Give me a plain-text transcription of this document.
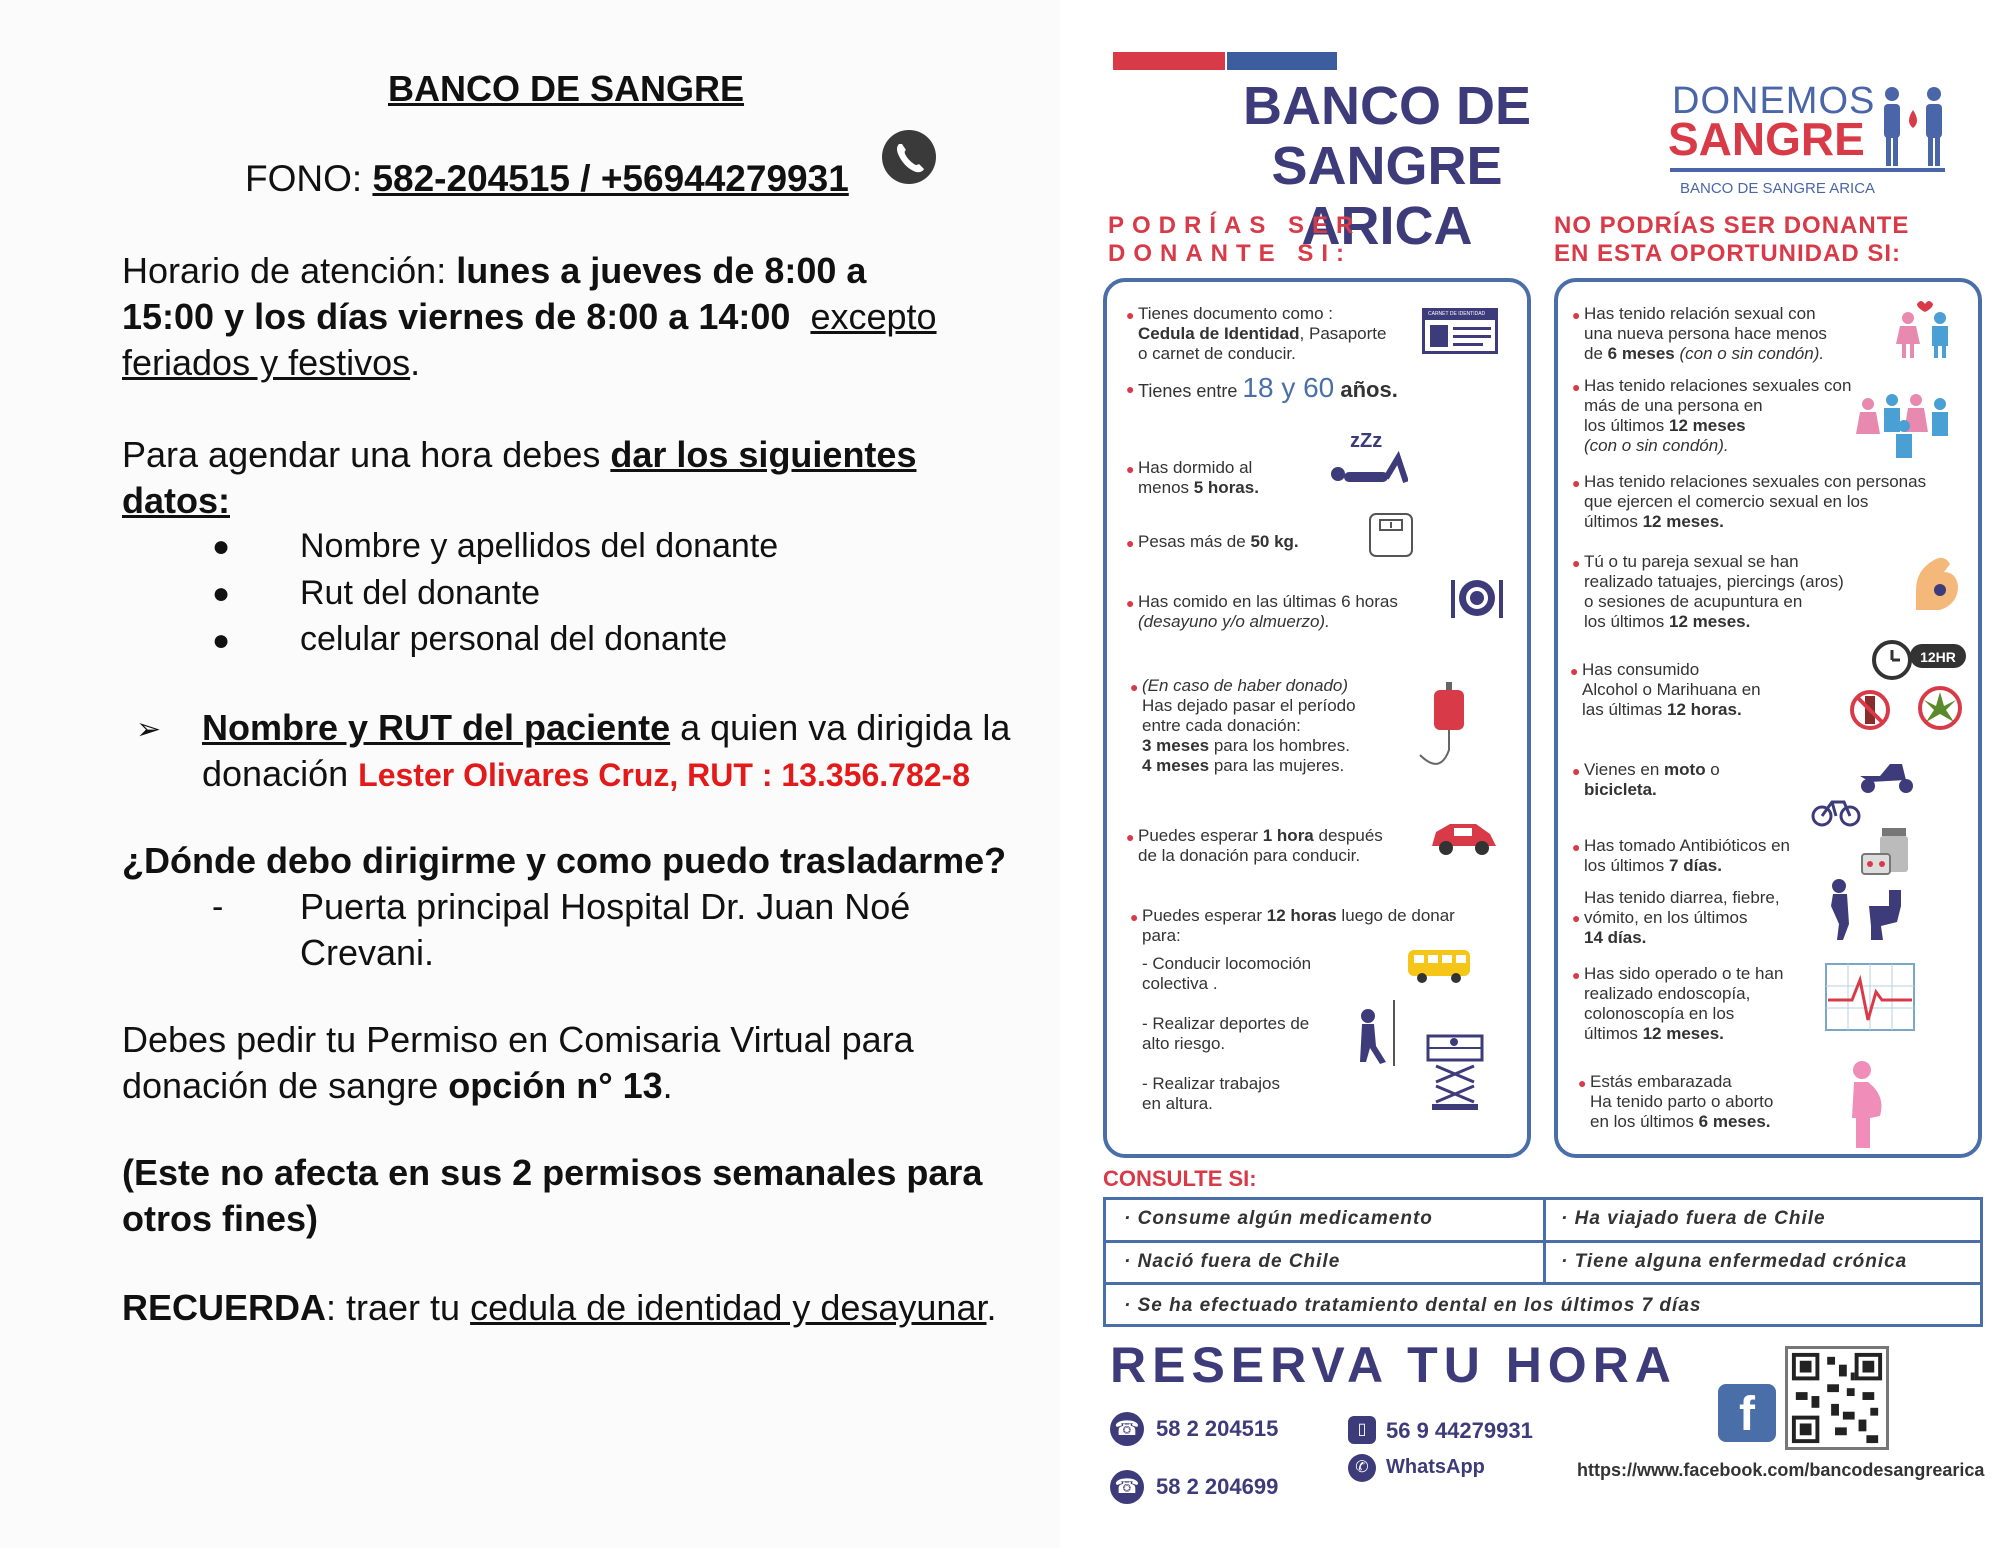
BANCO DE SANGRE
FONO: 582-204515 / +56944279931
Horario de atención: lunes a jueves de 8:00 a
15:00 y los días viernes de 8:00 a 14:00 excepto
feriados y festivos.
Para agendar una hora debes dar los siguientes
datos:
● Nombre y apellidos del donante
● Rut del donante
● celular personal del donante
➢ Nombre y RUT del paciente a quien va dirigida la
donación Lester Olivares Cruz, RUT : 13.356.782-8
¿Dónde debo dirigirme y como puedo trasladarme?
- Puerta principal Hospital Dr. Juan Noé
Crevani.
Debes pedir tu Permiso en Comisaria Virtual para
donación de sangre opción n° 13.
(Este no afecta en sus 2 permisos semanales para
otros fines)
RECUERDA: traer tu cedula de identidad y desayunar.
BANCO DE SANGRE
ARICA
DONEMOS
SANGRE
BANCO DE SANGRE ARICA
PODRÍAS SER
DONANTE SI:
NO PODRÍAS SER DONANTE
EN ESTA OPORTUNIDAD SI:
● Tienes documento como :
Cedula de Identidad, Pasaporte
o carnet de conducir.
CARNET DE IDENTIDAD
● Tienes entre 18 y 60 años.
● Has dormido al
menos 5 horas.
zZz
● Pesas más de 50 kg.
● Has comido en las últimas 6 horas
(desayuno y/o almuerzo).
● (En caso de haber donado)
Has dejado pasar el período
entre cada donación:
3 meses para los hombres.
4 meses para las mujeres.
● Puedes esperar 1 hora después
de la donación para conducir.
● Puedes esperar 12 horas luego de donar
para:
- Conducir locomoción
colectiva .
- Realizar deportes de
alto riesgo.
- Realizar trabajos
en altura.
● Has tenido relación sexual con
una nueva persona hace menos
de 6 meses (con o sin condón).
● Has tenido relaciones sexuales con
más de una persona en
los últimos 12 meses
(con o sin condón).
● Has tenido relaciones sexuales con personas
que ejercen el comercio sexual en los
últimos 12 meses.
● Tú o tu pareja sexual se han
realizado tatuajes, piercings (aros)
o sesiones de acupuntura en
los últimos 12 meses.
● Has consumido
Alcohol o Marihuana en
las últimas 12 horas.
12HR
● Vienes en moto o
bicicleta.
● Has tomado Antibióticos en
los últimos 7 días.
●
Has tenido diarrea, fiebre,
vómito, en los últimos
14 días.
● Has sido operado o te han
realizado endoscopía,
colonoscopía en los
últimos 12 meses.
● Estás embarazada
Ha tenido parto o aborto
en los últimos 6 meses.
CONSULTE SI:
· Consume algún medicamento	· Ha viajado fuera de Chile
· Nació fuera de Chile	· Tiene alguna enfermedad crónica
· Se ha efectuado tratamiento dental en los últimos 7 días
RESERVA TU HORA
☎ 58 2 204515
☎ 58 2 204699
▯ 56 9 44279931
✆ WhatsApp
f
https://www.facebook.com/bancodesangrearica
